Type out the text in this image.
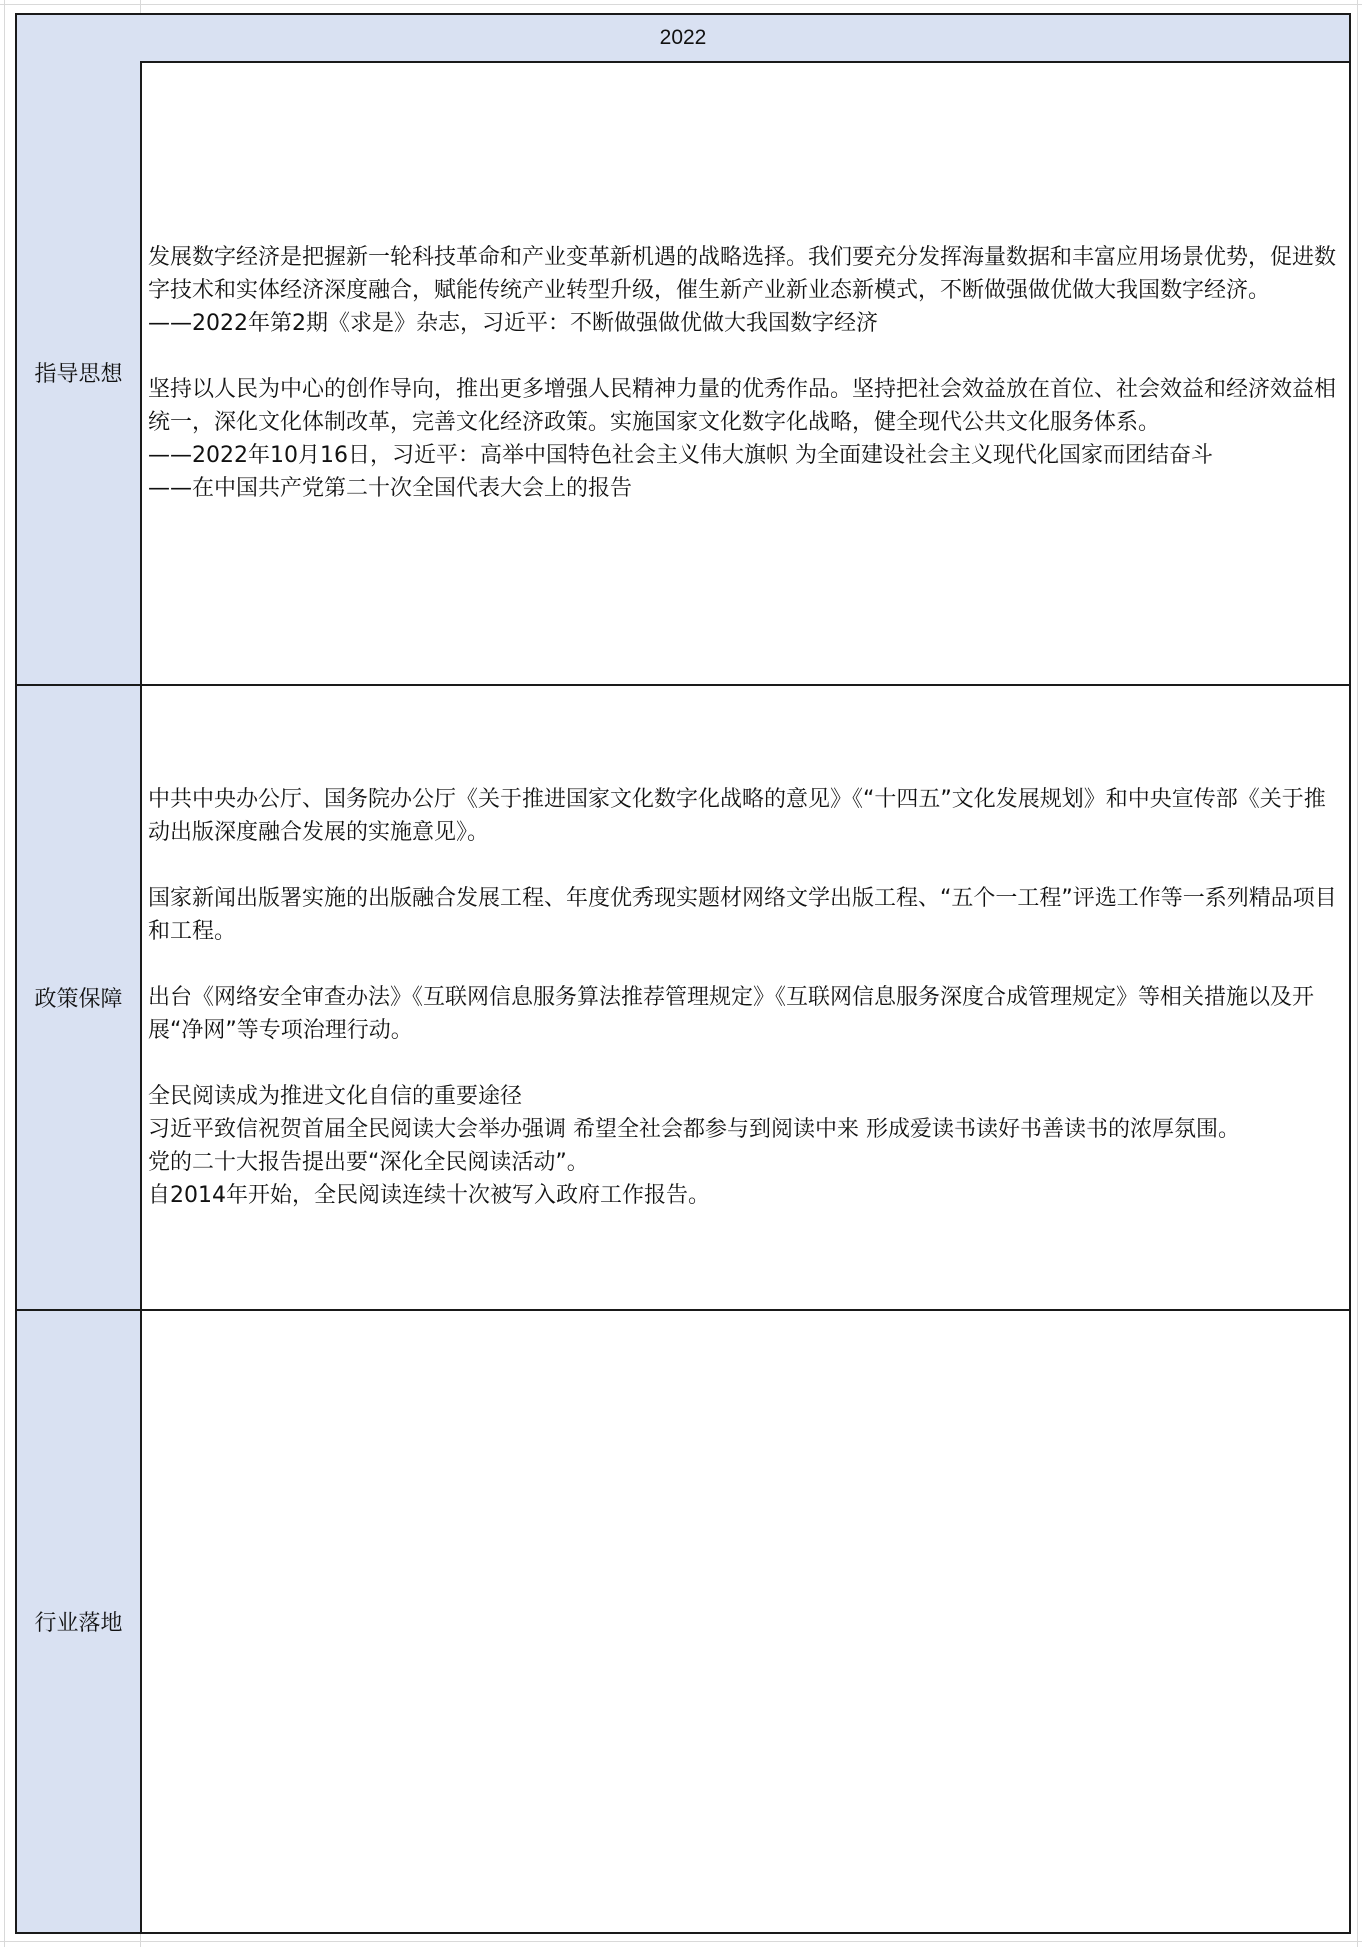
2022
指导思想

发展数字经济是把握新一轮科技革命和产业变革新机遇的战略选择。我们要充分发挥海量数据和丰富应用场景优势，促进数字技术和实体经济深度融合，赋能传统产业转型升级，催生新产业新业态新模式，不断做强做优做大我国数字经济。

——2022年第2期《求是》杂志，习近平：不断做强做优做大我国数字经济

坚持以人民为中心的创作导向，推出更多增强人民精神力量的优秀作品。坚持把社会效益放在首位、社会效益和经济效益相统一，深化文化体制改革，完善文化经济政策。实施国家文化数字化战略，健全现代公共文化服务体系。

——2022年10月16日，习近平：高举中国特色社会主义伟大旗帜 为全面建设社会主义现代化国家而团结奋斗

——在中国共产党第二十次全国代表大会上的报告

政策保障

中共中央办公厅、国务院办公厅《关于推进国家文化数字化战略的意见》《“十四五”文化发展规划》和中央宣传部《关于推动出版深度融合发展的实施意见》。

国家新闻出版署实施的出版融合发展工程、年度优秀现实题材网络文学出版工程、“五个一工程”评选工作等一系列精品项目和工程。

出台《网络安全审查办法》《互联网信息服务算法推荐管理规定》《互联网信息服务深度合成管理规定》等相关措施以及开展“净网”等专项治理行动。

全民阅读成为推进文化自信的重要途径

习近平致信祝贺首届全民阅读大会举办强调 希望全社会都参与到阅读中来 形成爱读书读好书善读书的浓厚氛围。

党的二十大报告提出要“深化全民阅读活动”。

自2014年开始，全民阅读连续十次被写入政府工作报告。

行业落地
